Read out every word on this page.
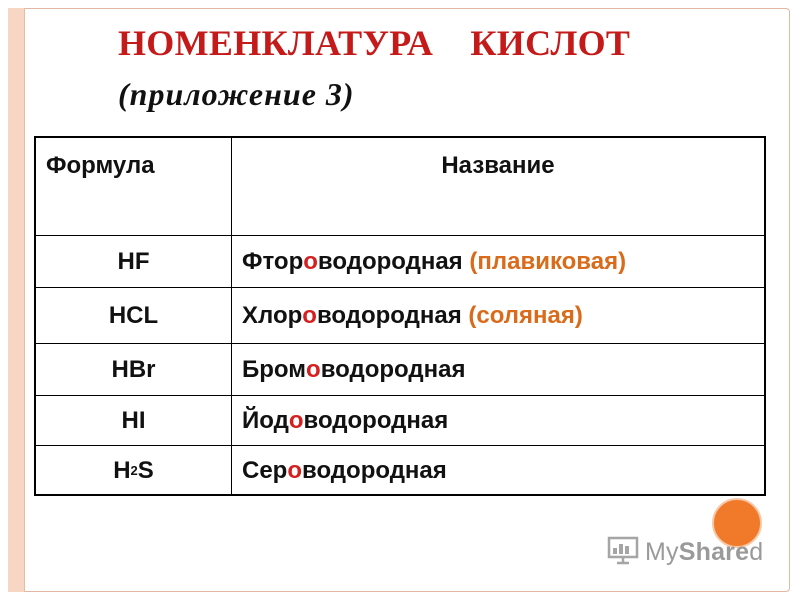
НОМЕНКЛАТУРА    КИСЛОТ
(приложение 3)
Формула	Название
HF	Фтор о водородная
(плавиковая)
HCL	Хлор о водородная
(соляная)
HBr	Бром о водородная
HI	Йод о водородная
H 2 S	Сер о водородная
MyShared
